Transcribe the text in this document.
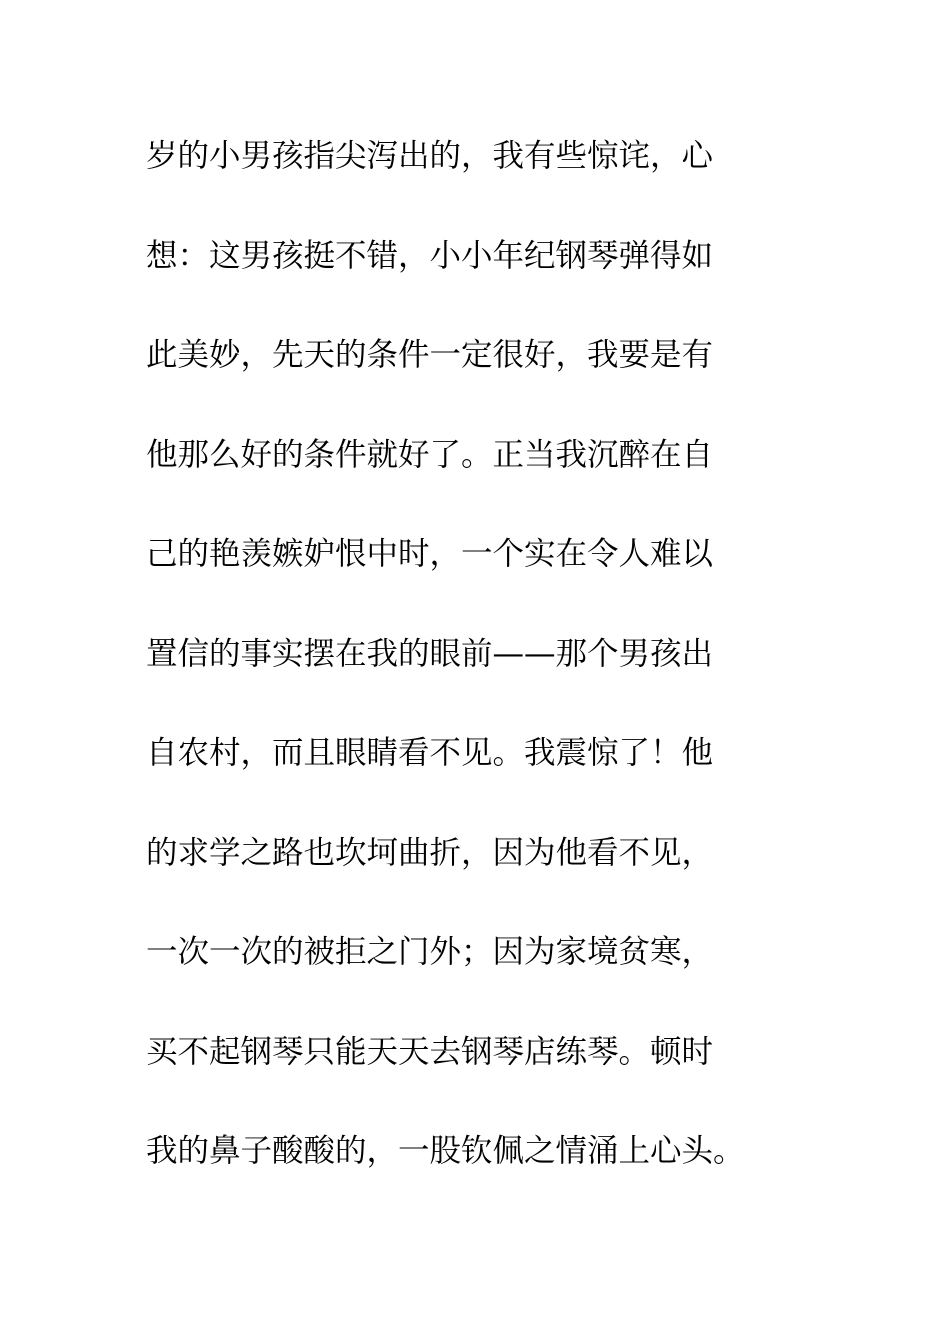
岁的小男孩指尖泻出的，我有些惊诧，心
想：这男孩挺不错，小小年纪钢琴弹得如
此美妙，先天的条件一定很好，我要是有
他那么好的条件就好了。正当我沉醉在自
己的艳羡嫉妒恨中时，一个实在令人难以
置信的事实摆在我的眼前——那个男孩出
自农村，而且眼睛看不见。我震惊了！他
的求学之路也坎坷曲折，因为他看不见，
一次一次的被拒之门外；因为家境贫寒，
买不起钢琴只能天天去钢琴店练琴。顿时
我的鼻子酸酸的，一股钦佩之情涌上心头。
